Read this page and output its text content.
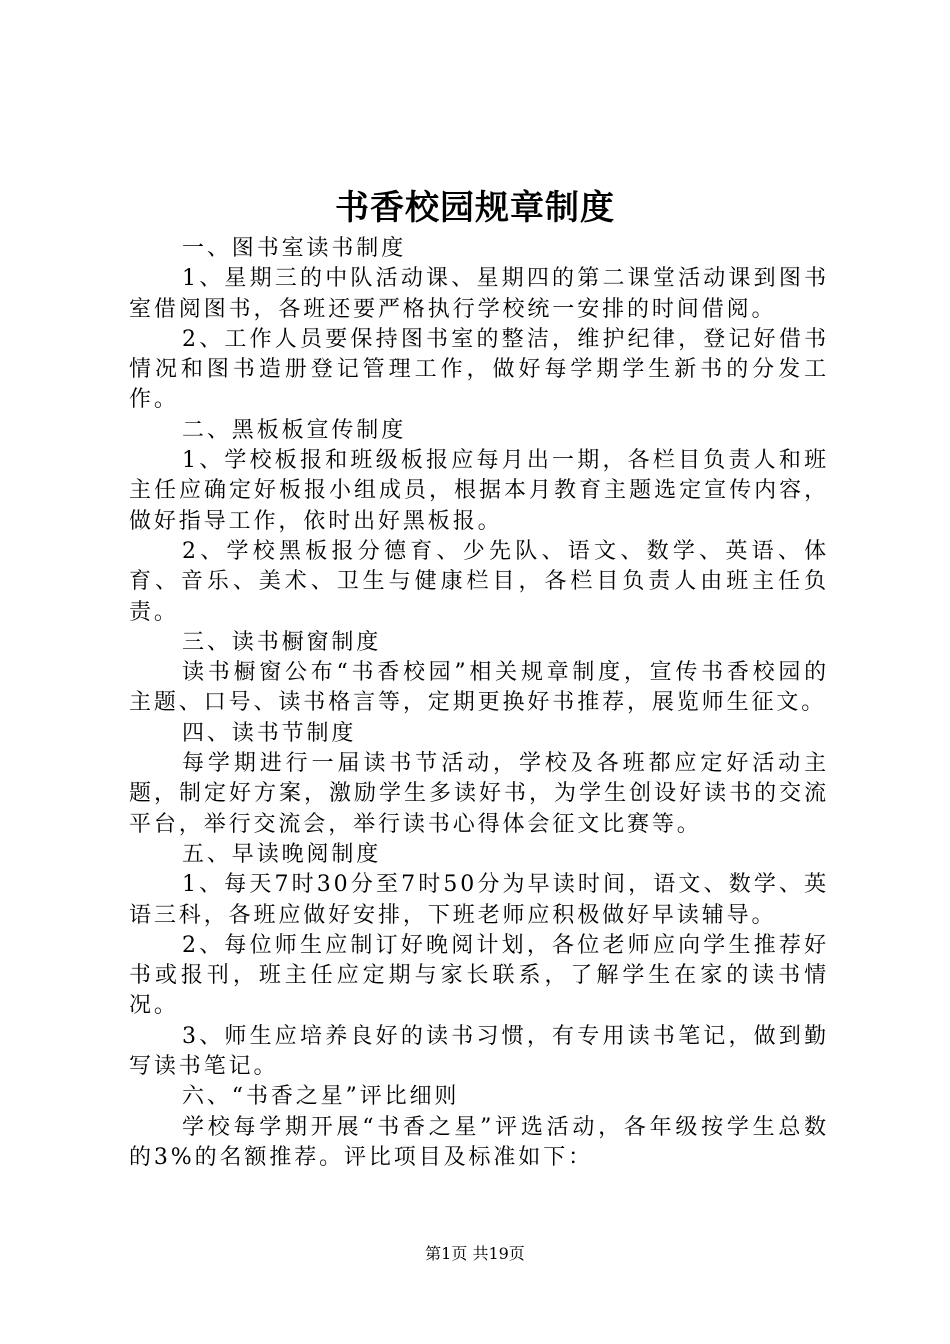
书香校园规章制度

一、图书室读书制度

1、星期三的中队活动课、星期四的第二课堂活动课到图书室借阅图书，各班还要严格执行学校统一安排的时间借阅。

2、工作人员要保持图书室的整洁，维护纪律，登记好借书情况和图书造册登记管理工作，做好每学期学生新书的分发工作。

二、黑板板宣传制度

1、学校板报和班级板报应每月出一期，各栏目负责人和班主任应确定好板报小组成员，根据本月教育主题选定宣传内容，做好指导工作，依时出好黑板报。

2、学校黑板报分德育、少先队、语文、数学、英语、体育、音乐、美术、卫生与健康栏目，各栏目负责人由班主任负责。

三、读书橱窗制度

读书橱窗公布“书香校园”相关规章制度，宣传书香校园的主题、口号、读书格言等，定期更换好书推荐，展览师生征文。

四、读书节制度

每学期进行一届读书节活动，学校及各班都应定好活动主题，制定好方案，激励学生多读好书，为学生创设好读书的交流平台，举行交流会，举行读书心得体会征文比赛等。

五、早读晚阅制度

1、每天7时30分至7时50分为早读时间，语文、数学、英语三科，各班应做好安排，下班老师应积极做好早读辅导。

2、每位师生应制订好晚阅计划，各位老师应向学生推荐好书或报刊，班主任应定期与家长联系，了解学生在家的读书情况。

3、师生应培养良好的读书习惯，有专用读书笔记，做到勤写读书笔记。

六、“书香之星”评比细则

学校每学期开展“书香之星”评选活动，各年级按学生总数的3%的名额推荐。评比项目及标准如下：

第1页 共19页
